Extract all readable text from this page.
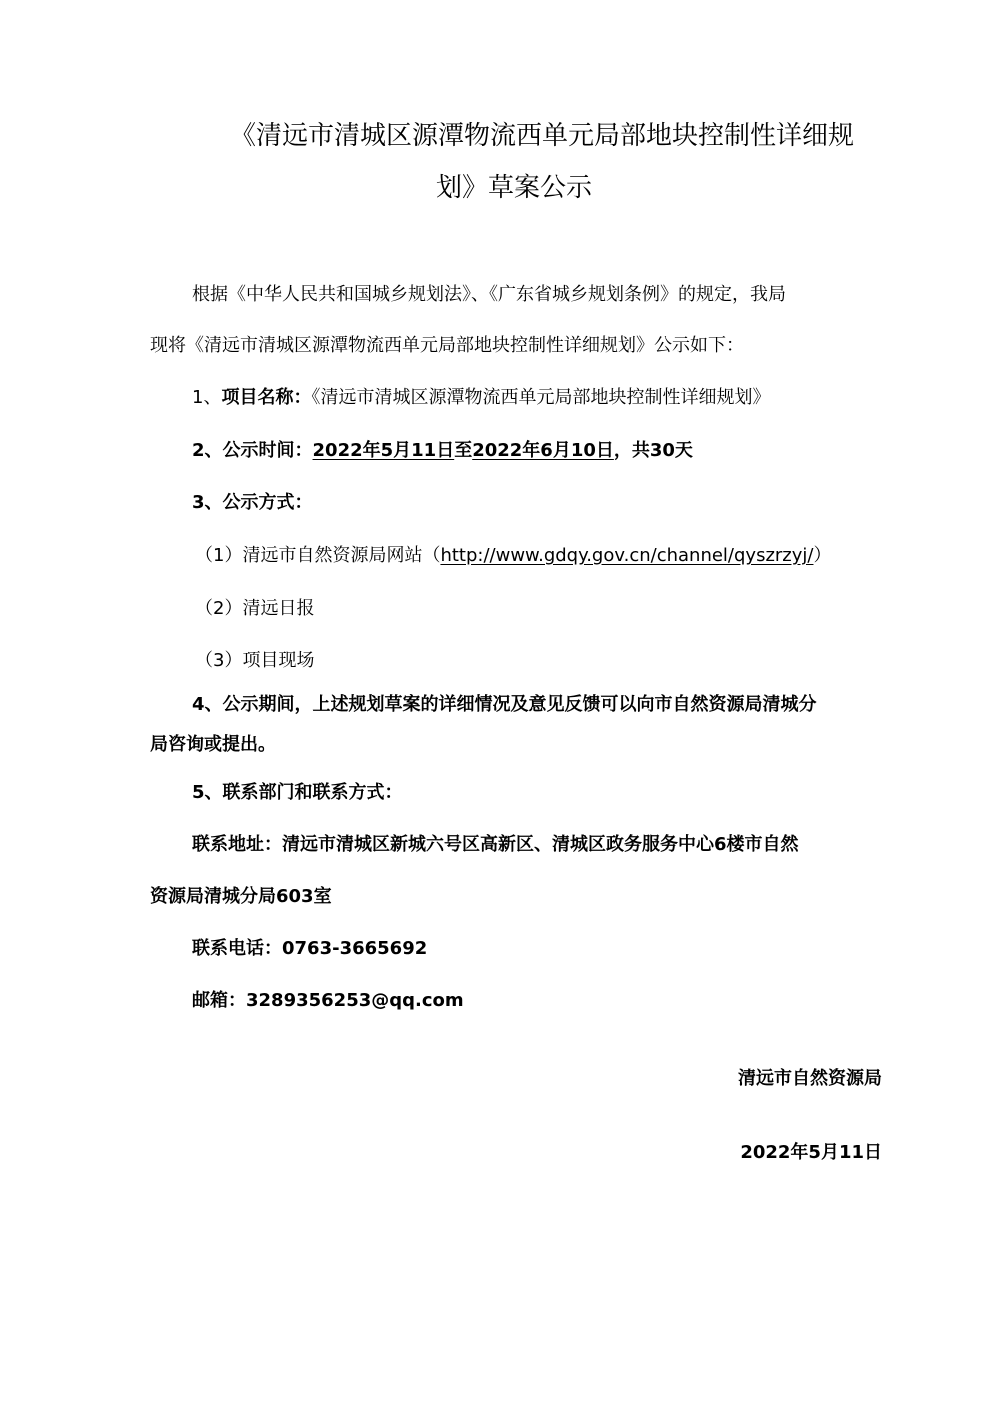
《清远市清城区源潭物流西单元局部地块控制性详细规
划》草案公示
根据《中华人民共和国城乡规划法》、《广东省城乡规划条例》的规定，我局
现将《清远市清城区源潭物流西单元局部地块控制性详细规划》公示如下：
1、项目名称：《清远市清城区源潭物流西单元局部地块控制性详细规划》
2、公示时间：2022年5月11日至2022年6月10日，共30天
3、公示方式：
（1）清远市自然资源局网站（http://www.gdqy.gov.cn/channel/qyszrzyj/）
（2）清远日报
（3）项目现场
4、公示期间，上述规划草案的详细情况及意见反馈可以向市自然资源局清城分
局咨询或提出。
5、联系部门和联系方式：
联系地址：清远市清城区新城六号区高新区、清城区政务服务中心6楼市自然
资源局清城分局603室
联系电话：0763-3665692
邮箱：3289356253@qq.com
清远市自然资源局
2022年5月11日
